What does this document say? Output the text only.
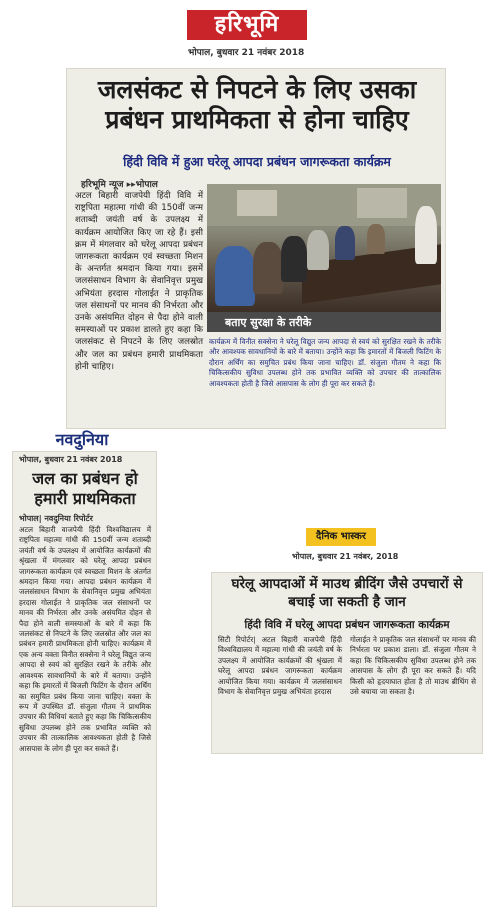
हरिभूमि

भोपाल, बुधवार 21 नवंबर 2018

जलसंकट से निपटने के लिए उसका प्रबंधन प्राथमिकता से होना चाहिए

हिंदी विवि में हुआ घरेलू आपदा प्रबंधन जागरूकता कार्यक्रम

हरिभूमि न्यूज ▸▸भोपाल

अटल बिहारी वाजपेयी हिंदी विवि में राष्ट्रपिता महात्मा गांधी की 150वीं जन्म शताब्दी जयंती वर्ष के उपलक्ष्य में कार्यक्रम आयोजित किए जा रहे हैं। इसी क्रम में मंगलवार को घरेलू आपदा प्रबंधन जागरूकता कार्यक्रम एवं स्वच्छता मिशन के अन्तर्गत श्रमदान किया गया। इसमें जलसंसाधन विभाग के सेवानिवृत्त प्रमुख अभियंता हरदास गोलाईत ने प्राकृतिक जल संसाधनों पर मानव की निर्भरता और उनके असंयमित दोहन से पैदा होने वाली समस्याओं पर प्रकाश डालते हुए कहा कि जलसंकट से निपटने के लिए जलस्रोत और जल का प्रबंधन हमारी प्राथमिकता होनी चाहिए।

बताए सुरक्षा के तरीके

कार्यक्रम में विनीत सक्सेना ने घरेलू विद्युत जन्य आपदा से स्वयं को सुरक्षित रखने के तरीके और आवश्यक सावधानियों के बारे में बताया। उन्होंने कहा कि इमारतों में बिजली फिटिंग के दौरान अर्थिंग का समुचित प्रबंध किया जाना चाहिए। डॉ. संजुला गौतम ने कहा कि चिकित्सकीय सुविधा उपलब्ध होने तक प्रभावित व्यक्ति को उपचार की तात्कालिक आवश्यकता होती है जिसे आसपास के लोग ही पूरा कर सकते हैं।

नवदुनिया

भोपाल, बुधवार 21 नवंबर 2018

जल का प्रबंधन हो हमारी प्राथमिकता

भोपाल| नवदुनिया रिपोर्टर

अटल बिहारी वाजपेयी हिंदी विश्वविद्यालय में राष्ट्रपिता महात्मा गांधी की 150वीं जन्म शताब्दी जयंती वर्ष के उपलक्ष्य में आयोजित कार्यक्रमों की श्रृंखला में मंगलवार को घरेलू आपदा प्रबंधन जागरूकता कार्यक्रम एवं स्वच्छता मिशन के अंतर्गत श्रमदान किया गया। आपदा प्रबंधन कार्यक्रम में जलसंसाधन विभाग के सेवानिवृत्त प्रमुख अभियंता हरदास गोलाईत ने प्राकृतिक जल संसाधनों पर मानव की निर्भरता और उनके असंयमित दोहन से पैदा होने वाली समस्याओं के बारे में कहा कि जलसंकट से निपटने के लिए जलस्रोत और जल का प्रबंधन हमारी प्राथमिकता होनी चाहिए। कार्यक्रम में एक अन्य वक्ता विनीत सक्सेना ने घरेलू विद्युत जन्य आपदा से स्वयं को सुरक्षित रखने के तरीके और आवश्यक सावधानियों के बारे में बताया। उन्होंने कहा कि इमारतों में बिजली फिटिंग के दौरान अर्थिंग का समुचित प्रबंध किया जाना चाहिए। वक्ता के रूप में उपस्थित डॉ. संजुला गौतम ने प्राथमिक उपचार की विधियां बताते हुए कहा कि चिकित्सकीय सुविधा उपलब्ध होने तक प्रभावित व्यक्ति को उपचार की तात्कालिक आवश्यकता होती है जिसे आसपास के लोग ही पूरा कर सकते हैं।

दैनिक भास्कर

भोपाल, बुधवार 21 नवंबर, 2018

घरेलू आपदाओं में माउथ ब्रीदिंग जैसे उपचारों से बचाई जा सकती है जान

हिंदी विवि में घरेलू आपदा प्रबंधन जागरूकता कार्यक्रम

सिटी रिपोर्टर| अटल बिहारी वाजपेयी हिंदी विश्वविद्यालय में महात्मा गांधी की जयंती वर्ष के उपलक्ष्य में आयोजित कार्यक्रमों की श्रृंखला में घरेलू आपदा प्रबंधन जागरूकता कार्यक्रम आयोजित किया गया। कार्यक्रम में जलसंसाधन विभाग के सेवानिवृत्त प्रमुख अभियंता हरदास

गोलाईत ने प्राकृतिक जल संसाधनों पर मानव की निर्भरता पर प्रकाश डाला। डॉ. संजुला गौतम ने कहा कि चिकित्सकीय सुविधा उपलब्ध होने तक आसपास के लोग ही पूरा कर सकते हैं। यदि किसी को हृदयाघात होता है तो माउथ ब्रीथिंग से उसे बचाया जा सकता है।
